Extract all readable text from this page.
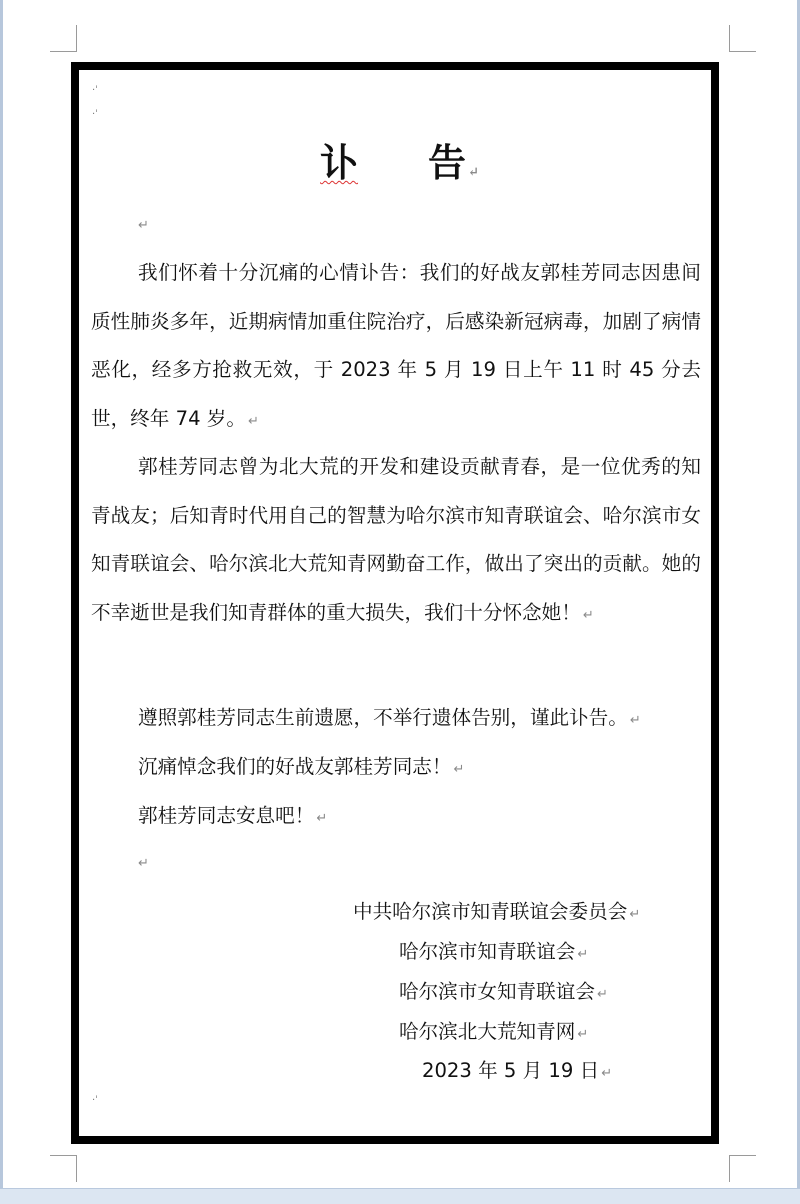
·ˈ
·ˈ
·ˈ
讣 告 ↵
↵

我们怀着十分沉痛的心情讣告：我们的好战友郭桂芳同志因患间质性肺炎多年，近期病情加重住院治疗，后感染新冠病毒，加剧了病情恶化，经多方抢救无效，于 2023 年 5 月 19 日上午 11 时 45 分去世，终年 74 岁。 ↵

郭桂芳同志曾为北大荒的开发和建设贡献青春，是一位优秀的知青战友；后知青时代用自己的智慧为哈尔滨市知青联谊会、哈尔滨市女知青联谊会、哈尔滨北大荒知青网勤奋工作，做出了突出的贡献。她的不幸逝世是我们知青群体的重大损失，我们十分怀念她！ ↵

遵照郭桂芳同志生前遗愿，不举行遗体告别，谨此讣告。 ↵
沉痛悼念我们的好战友郭桂芳同志！ ↵
郭桂芳同志安息吧！ ↵
↵
中共哈尔滨市知青联谊会委员会 ↵
哈尔滨市知青联谊会 ↵
哈尔滨市女知青联谊会 ↵
哈尔滨北大荒知青网 ↵
2023 年 5 月 19 日 ↵
